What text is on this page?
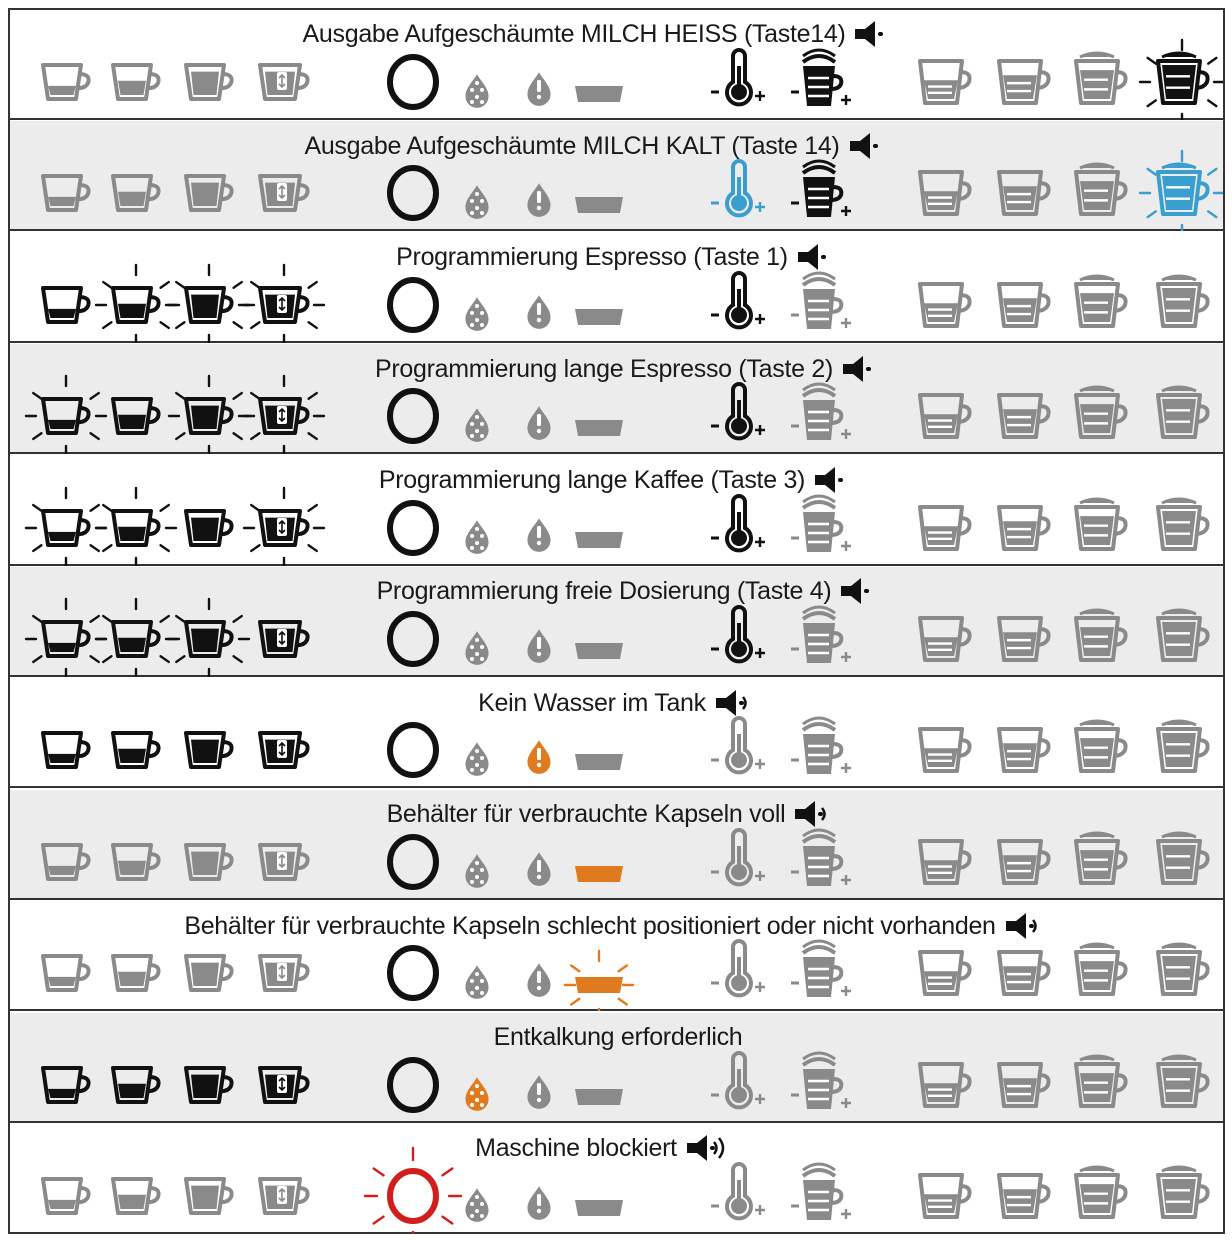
Ausgabe Aufgeschäumte MILCH HEISS (Taste14)
Ausgabe Aufgeschäumte MILCH KALT (Taste 14)
Programmierung Espresso (Taste 1)
Programmierung lange Espresso (Taste 2)
Programmierung lange Kaffee (Taste 3)
Programmierung freie Dosierung (Taste 4)
Kein Wasser im Tank
Behälter für verbrauchte Kapseln voll
Behälter für verbrauchte Kapseln schlecht positioniert oder nicht vorhanden
Entkalkung erforderlich
Maschine blockiert
